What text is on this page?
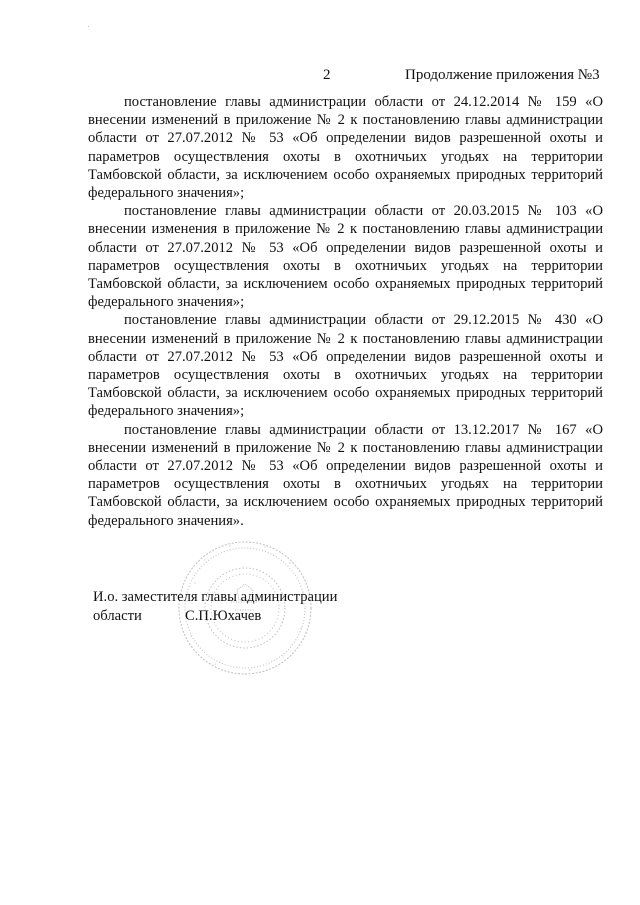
2	Продолжение приложения №3

постановление главы администрации области от 24.12.2014 № 159 «О внесении изменений в приложение № 2 к постановлению главы администрации области от 27.07.2012 № 53 «Об определении видов разрешенной охоты и параметров осуществления охоты в охотничьих угодьях на территории Тамбовской области, за исключением особо охраняемых природных территорий федерального значения»;

постановление главы администрации области от 20.03.2015 № 103 «О внесении изменения в приложение № 2 к постановлению главы администрации области от 27.07.2012 № 53 «Об определении видов разрешенной охоты и параметров осуществления охоты в охотничьих угодьях на территории Тамбовской области, за исключением особо охраняемых природных территорий федерального значения»;

постановление главы администрации области от 29.12.2015 № 430 «О внесении изменений в приложение № 2 к постановлению главы администрации области от 27.07.2012 № 53 «Об определении видов разрешенной охоты и параметров осуществления охоты в охотничьих угодьях на территории Тамбовской области, за исключением особо охраняемых природных территорий федерального значения»;

постановление главы администрации области от 13.12.2017 № 167 «О внесении изменений в приложение № 2 к постановлению главы администрации области от 27.07.2012 № 53 «Об определении видов разрешенной охоты и параметров осуществления охоты в охотничьих угодьях на территории Тамбовской области, за исключением особо охраняемых природных территорий федерального значения».

И.о. заместителя главы администрации
области	С.П.Юхачев
